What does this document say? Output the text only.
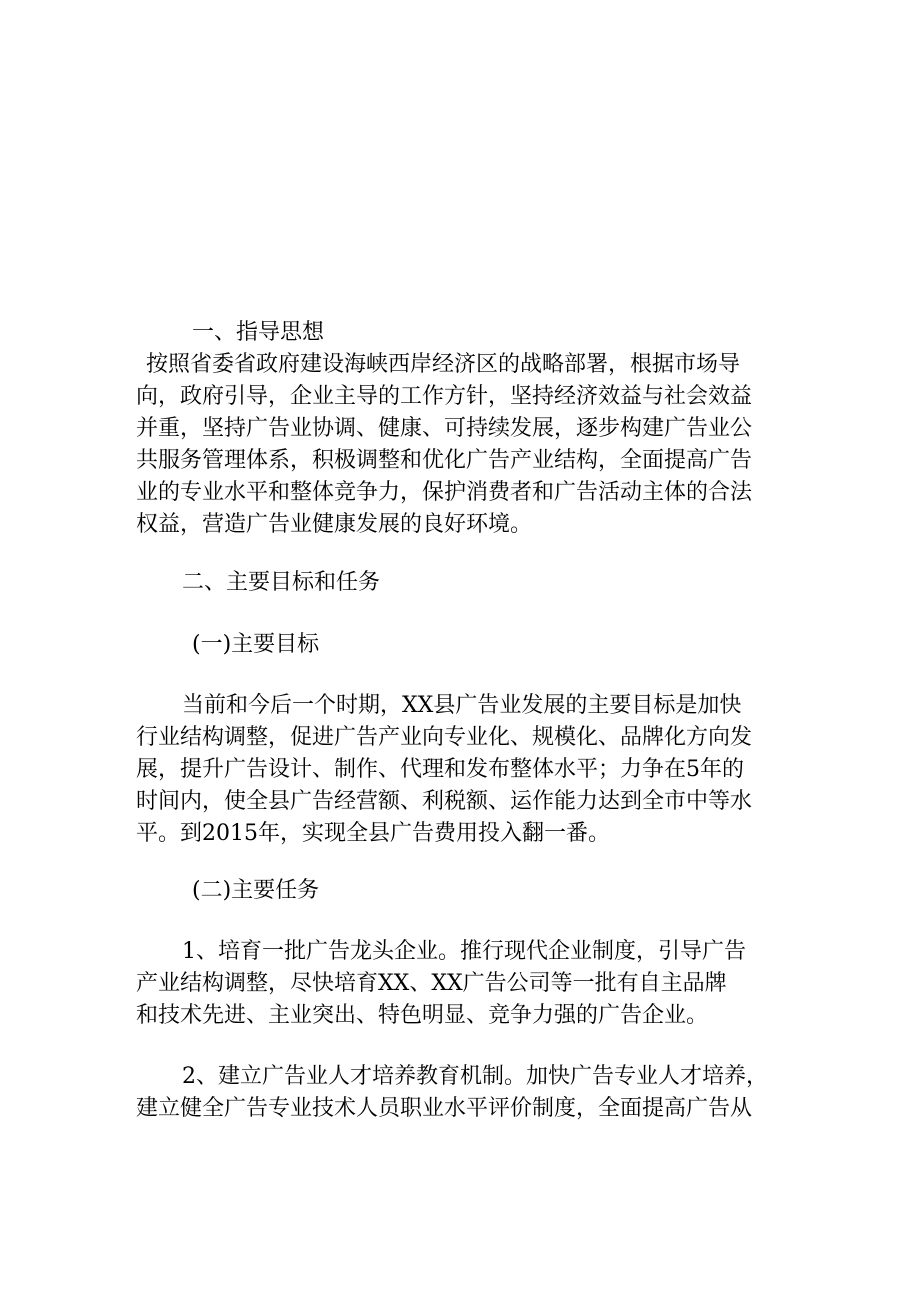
一、指导思想

按照省委省政府建设海峡西岸经济区的战略部署，根据市场导

向，政府引导，企业主导的工作方针，坚持经济效益与社会效益

并重，坚持广告业协调、健康、可持续发展，逐步构建广告业公

共服务管理体系，积极调整和优化广告产业结构，全面提高广告

业的专业水平和整体竞争力，保护消费者和广告活动主体的合法

权益，营造广告业健康发展的良好环境。

二、主要目标和任务

(一)主要目标

当前和今后一个时期，XX县广告业发展的主要目标是加快

行业结构调整，促进广告产业向专业化、规模化、品牌化方向发

展，提升广告设计、制作、代理和发布整体水平；力争在5年的

时间内，使全县广告经营额、利税额、运作能力达到全市中等水

平。到2015年，实现全县广告费用投入翻一番。

(二)主要任务

1、培育一批广告龙头企业。推行现代企业制度，引导广告

产业结构调整，尽快培育XX、XX广告公司等一批有自主品牌

和技术先进、主业突出、特色明显、竞争力强的广告企业。

2、建立广告业人才培养教育机制。加快广告专业人才培养，

建立健全广告专业技术人员职业水平评价制度，全面提高广告从
